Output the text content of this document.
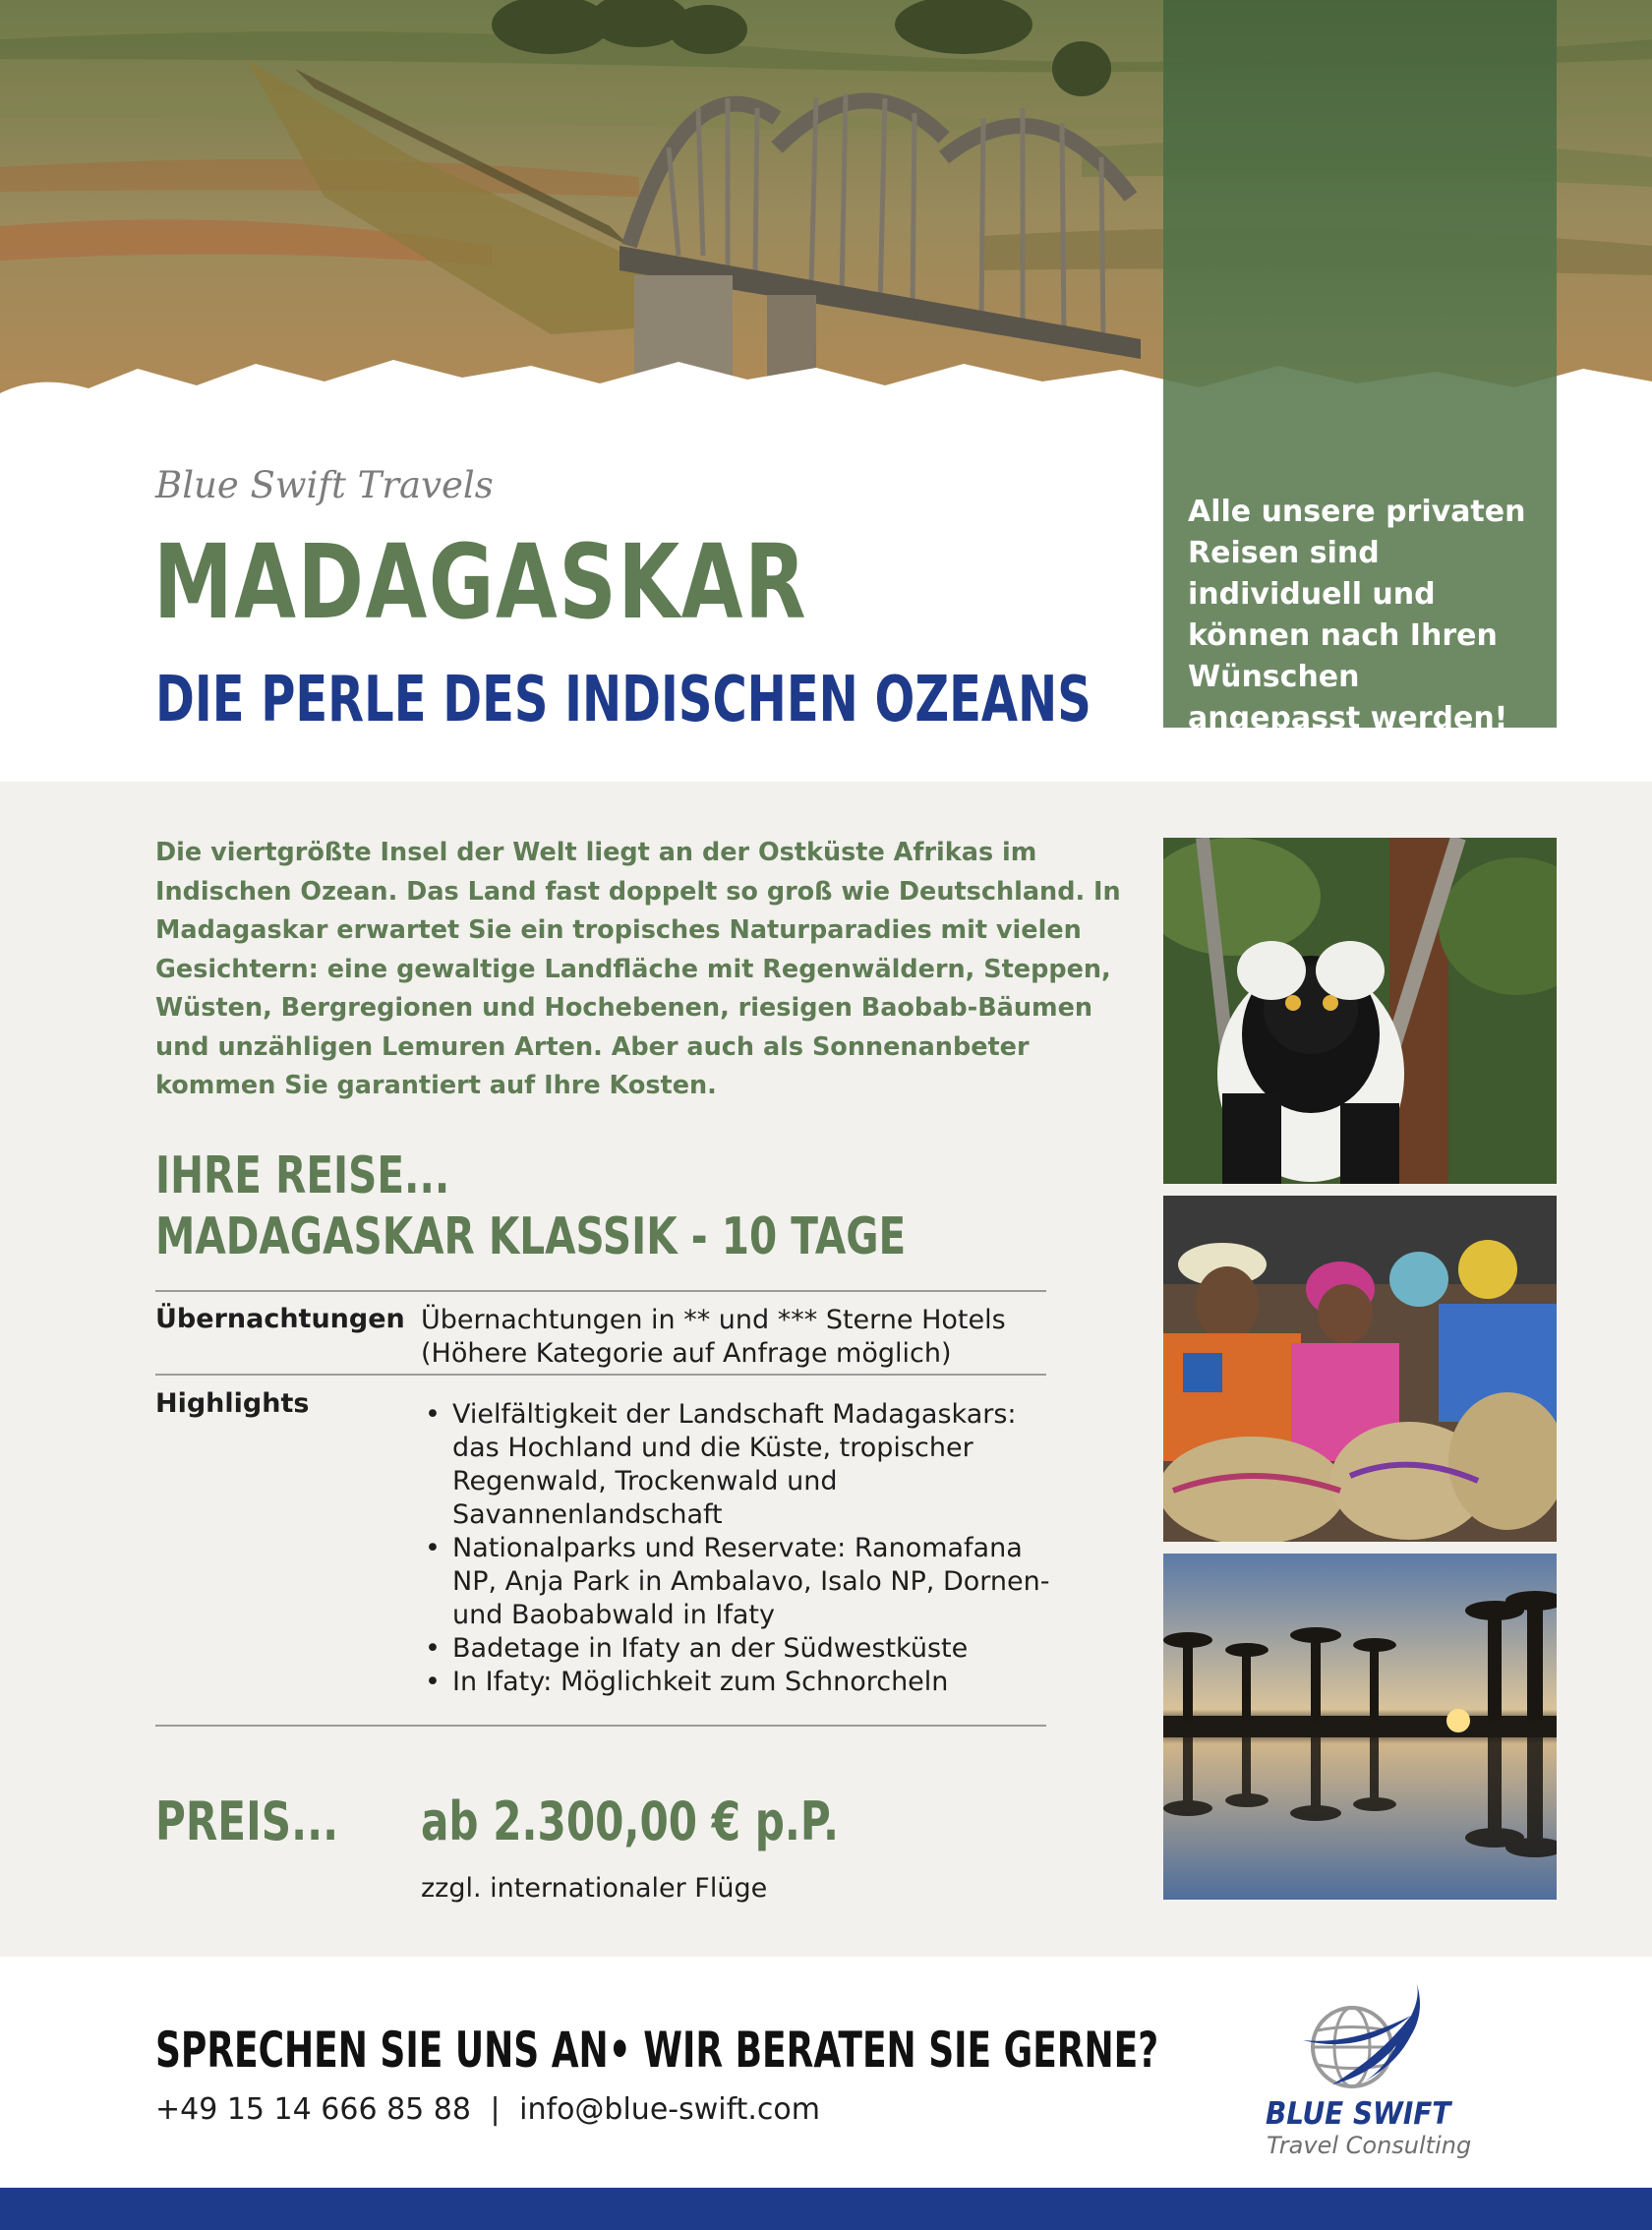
Alle unsere privaten Reisen sind individuell und können nach Ihren Wünschen angepasst werden!
Blue Swift Travels
MADAGASKAR
DIE PERLE DES INDISCHEN OZEANS
Die viertgrößte Insel der Welt liegt an der Ostküste Afrikas im Indischen Ozean. Das Land fast doppelt so groß wie Deutschland. In Madagaskar erwartet Sie ein tropisches Naturparadies mit vielen Gesichtern: eine gewaltige Landfläche mit Regenwäldern, Steppen, Wüsten, Bergregionen und Hochebenen, riesigen Baobab-Bäumen und unzähligen Lemuren Arten. Aber auch als Sonnenanbeter kommen Sie garantiert auf Ihre Kosten.
IHRE REISE...
MADAGASKAR KLASSIK - 10 TAGE
Übernachtungen Übernachtungen in ** und *** Sterne Hotels
(Höhere Kategorie auf Anfrage möglich)
Highlights
•	Vielfältigkeit der Landschaft Madagaskars: das Hochland und die Küste, tropischer Regenwald, Trockenwald und Savannenlandschaft
• Nationalparks und Reservate: Ranomafana NP, Anja Park in Ambalavo, Isalo NP, Dornen- und Baobabwald in Ifaty
• Badetage in Ifaty an der Südwestküste
• In Ifaty: Möglichkeit zum Schnorcheln
PREIS... ab 2.300,00 € p.P.
zzgl. internationaler Flüge
SPRECHEN SIE UNS AN• WIR BERATEN SIE GERNE?
+49 15 14 666 85 88 | info@blue-swift.com	BLUE SWIFT
Travel Consulting
